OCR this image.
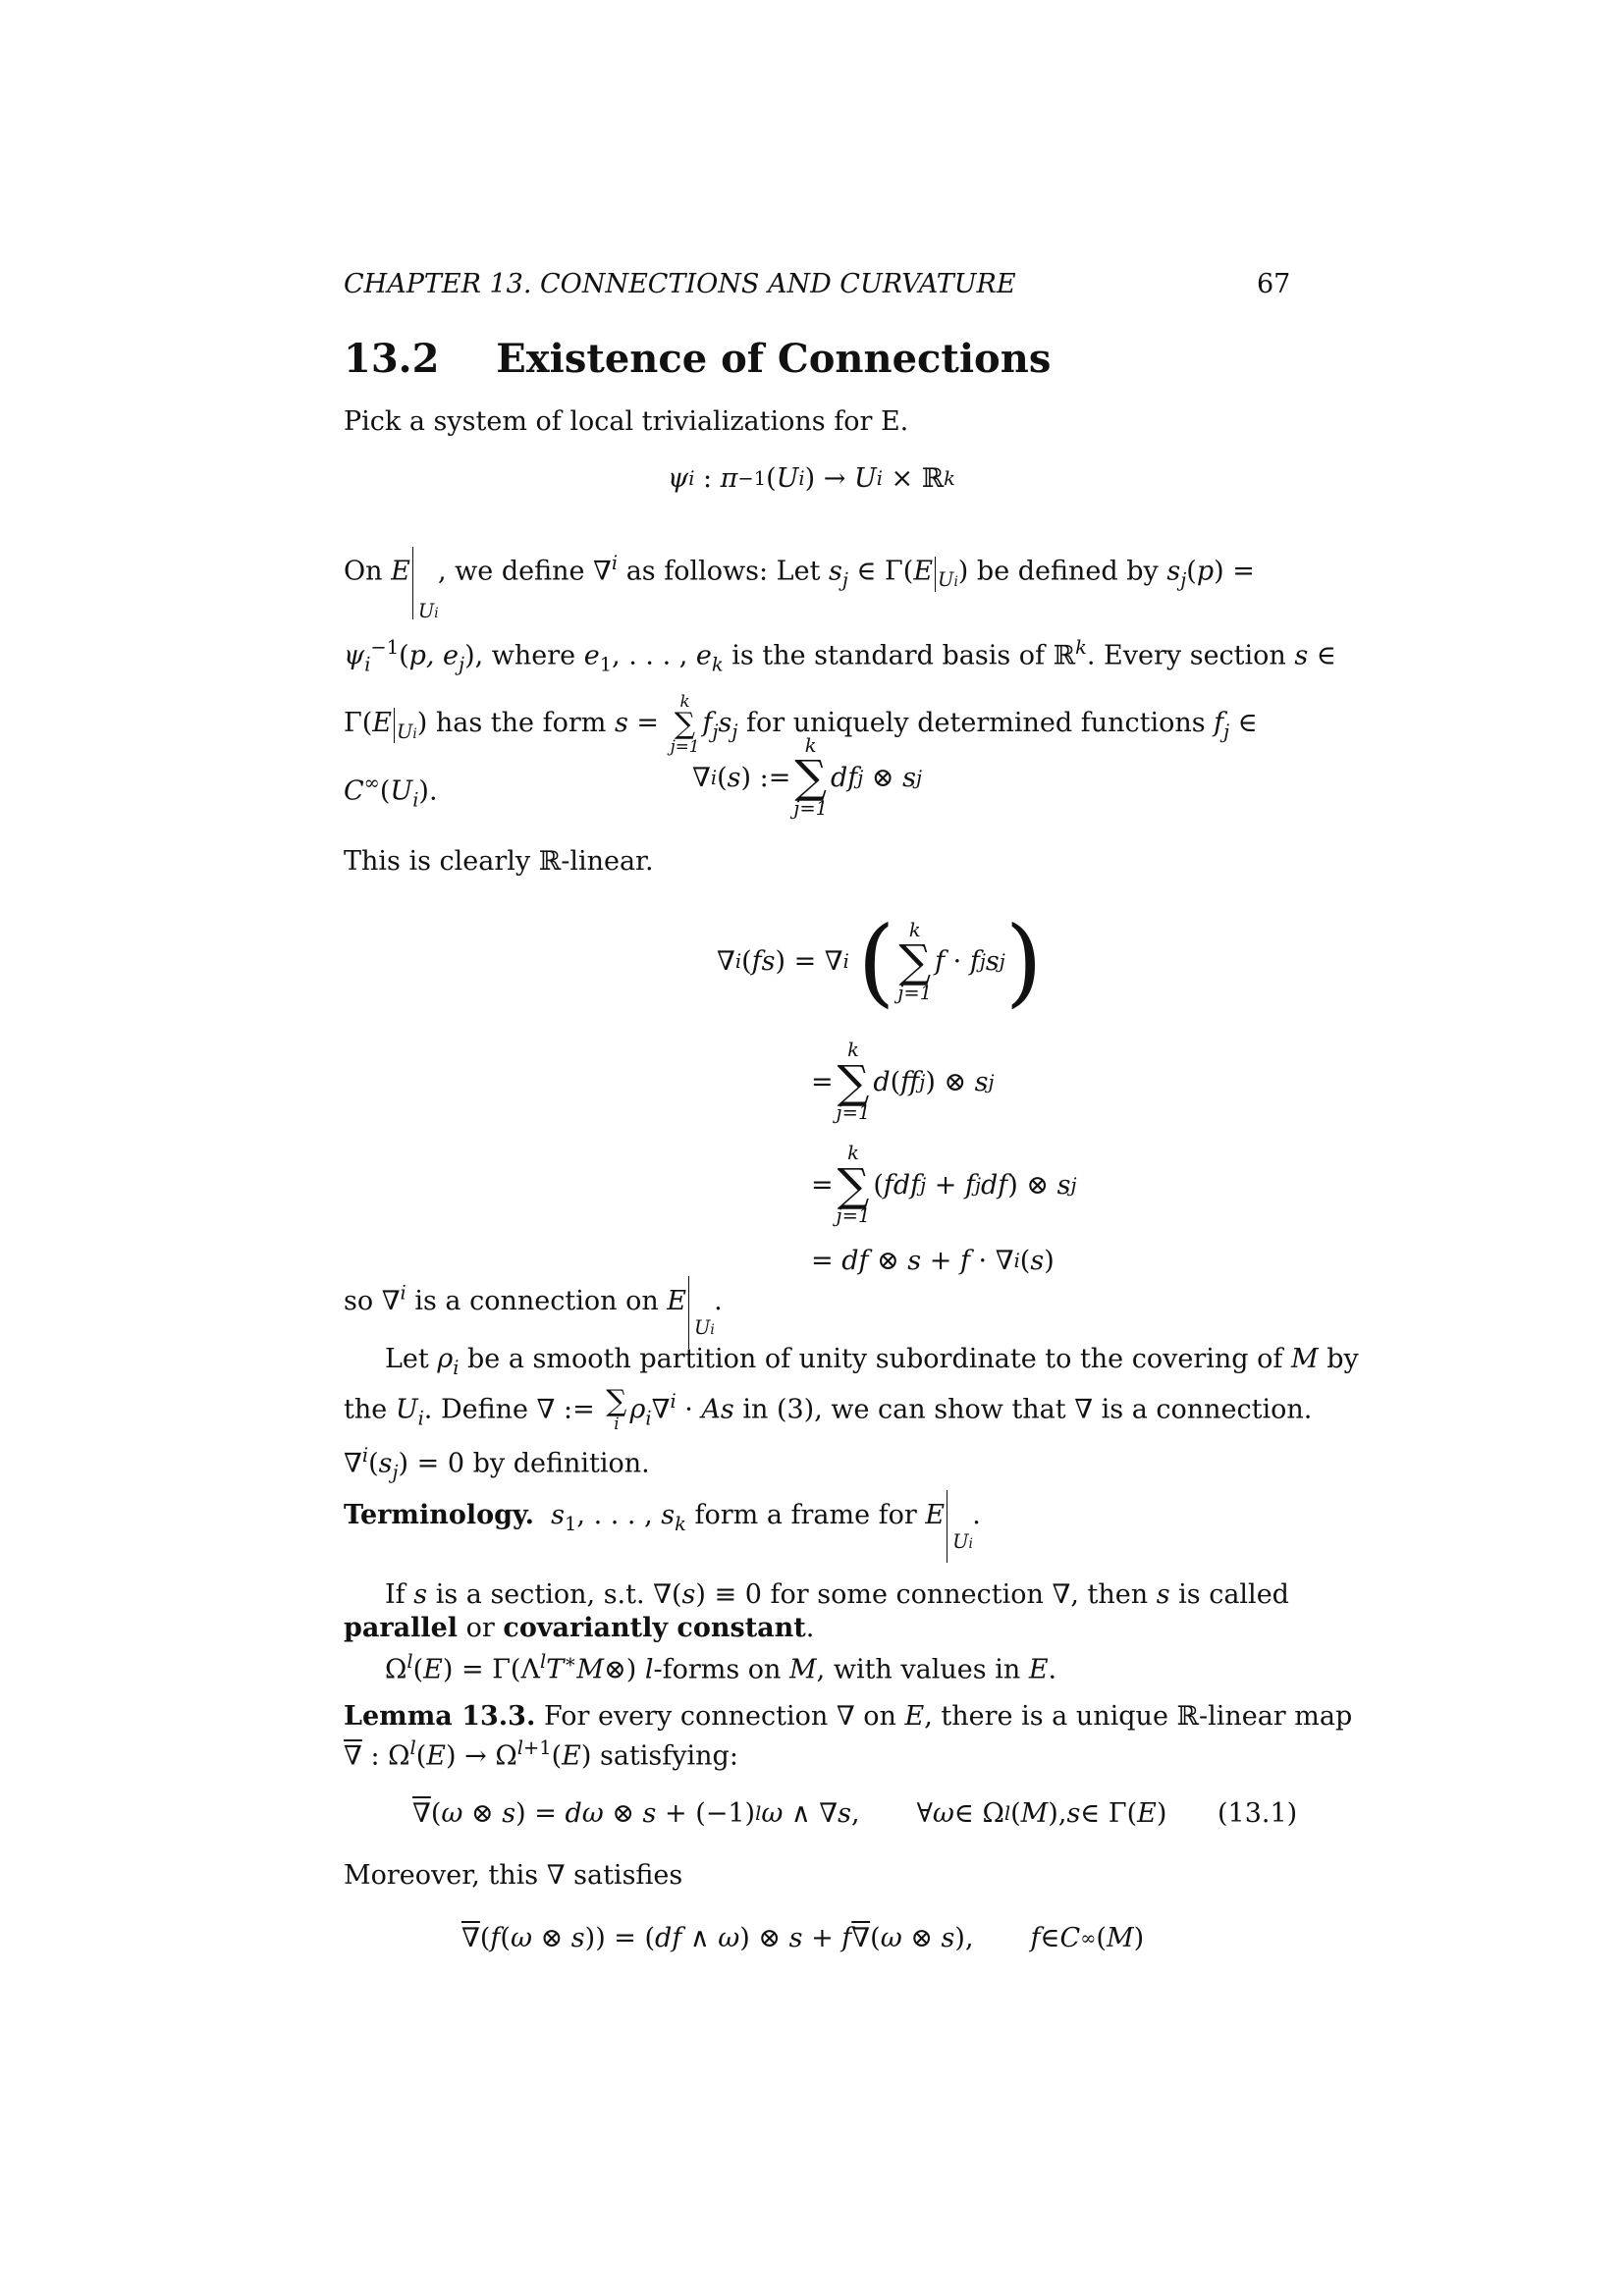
CHAPTER 13. CONNECTIONS AND CURVATURE	67
13.2 Existence of Connections
Pick a system of local trivializations for E.
ψ i : π −1 ( U i ) → U i × ℝ k
On E
Ui
, we define ∇$^i$ as follows: Let $s_j$ ∈ Γ(E $_{Ui}$) be defined by $s_j(p)$ =
$\psi_i^{-1}(p$, $e_j$), where $e_1$, . . . , $e_k$ is the standard basis of ℝ$^k$. Every section s ∈
Γ(E $_{Ui}$) has the form s =
k
∑
j=1
$f_js_j$ for uniquely determined functions $f_j$ ∈
$C^\infty(U_i)$.	∇ i ( s ) :=
k
∑
j=1
df j ⊗ s j
This is clearly ℝ-linear.
∇ i ( fs ) = ∇ i
( k
∑
j=1
f · f j s j )
=
k
∑
j=1
d ( ff j ) ⊗ s j
=
k
∑
j=1
( fdf j + f j df ) ⊗ s j
= df ⊗ s + f · ∇ i ( s )
so ∇$^i$ is a connection on E
Ui
.
Let $\rho_i$ be a smooth partition of unity subordinate to the covering of M by
the $U_i$. Define ∇ := ∑
i $\rho_i\nabla^i \cdot As$ in (3), we can show that ∇ is a connection.
$\nabla^i(s_j) = 0$ by definition.
Terminology.  $s_1$, . . . , $s_k$ form a frame for E
Ui
.
If s is a section, s.t. ∇(s) ≡ 0 for some connection ∇, then s is called
parallel or covariantly constant.
$\Omega^l(E)$ = $\Gamma(\Lambda^lT^∗M\otimes)$ l-forms on M, with values in E.
Lemma 13.3. For every connection ∇ on E, there is a unique ℝ-linear map
∇ : $\Omega^l(E) \to \Omega^{l+1}(E)$ satisfying:
∇ ( ω ⊗ s ) = dω ⊗ s + (−1) l ω ∧ ∇ s ,
∀ ω ∈ Ω l ( M ) , s ∈ Γ( E ) (13.1)
Moreover, this ∇ satisfies
∇ ( f ( ω ⊗ s )) = ( df ∧ ω ) ⊗ s + f ∇ ( ω ⊗ s ), f ∈ C ∞ ( M )
